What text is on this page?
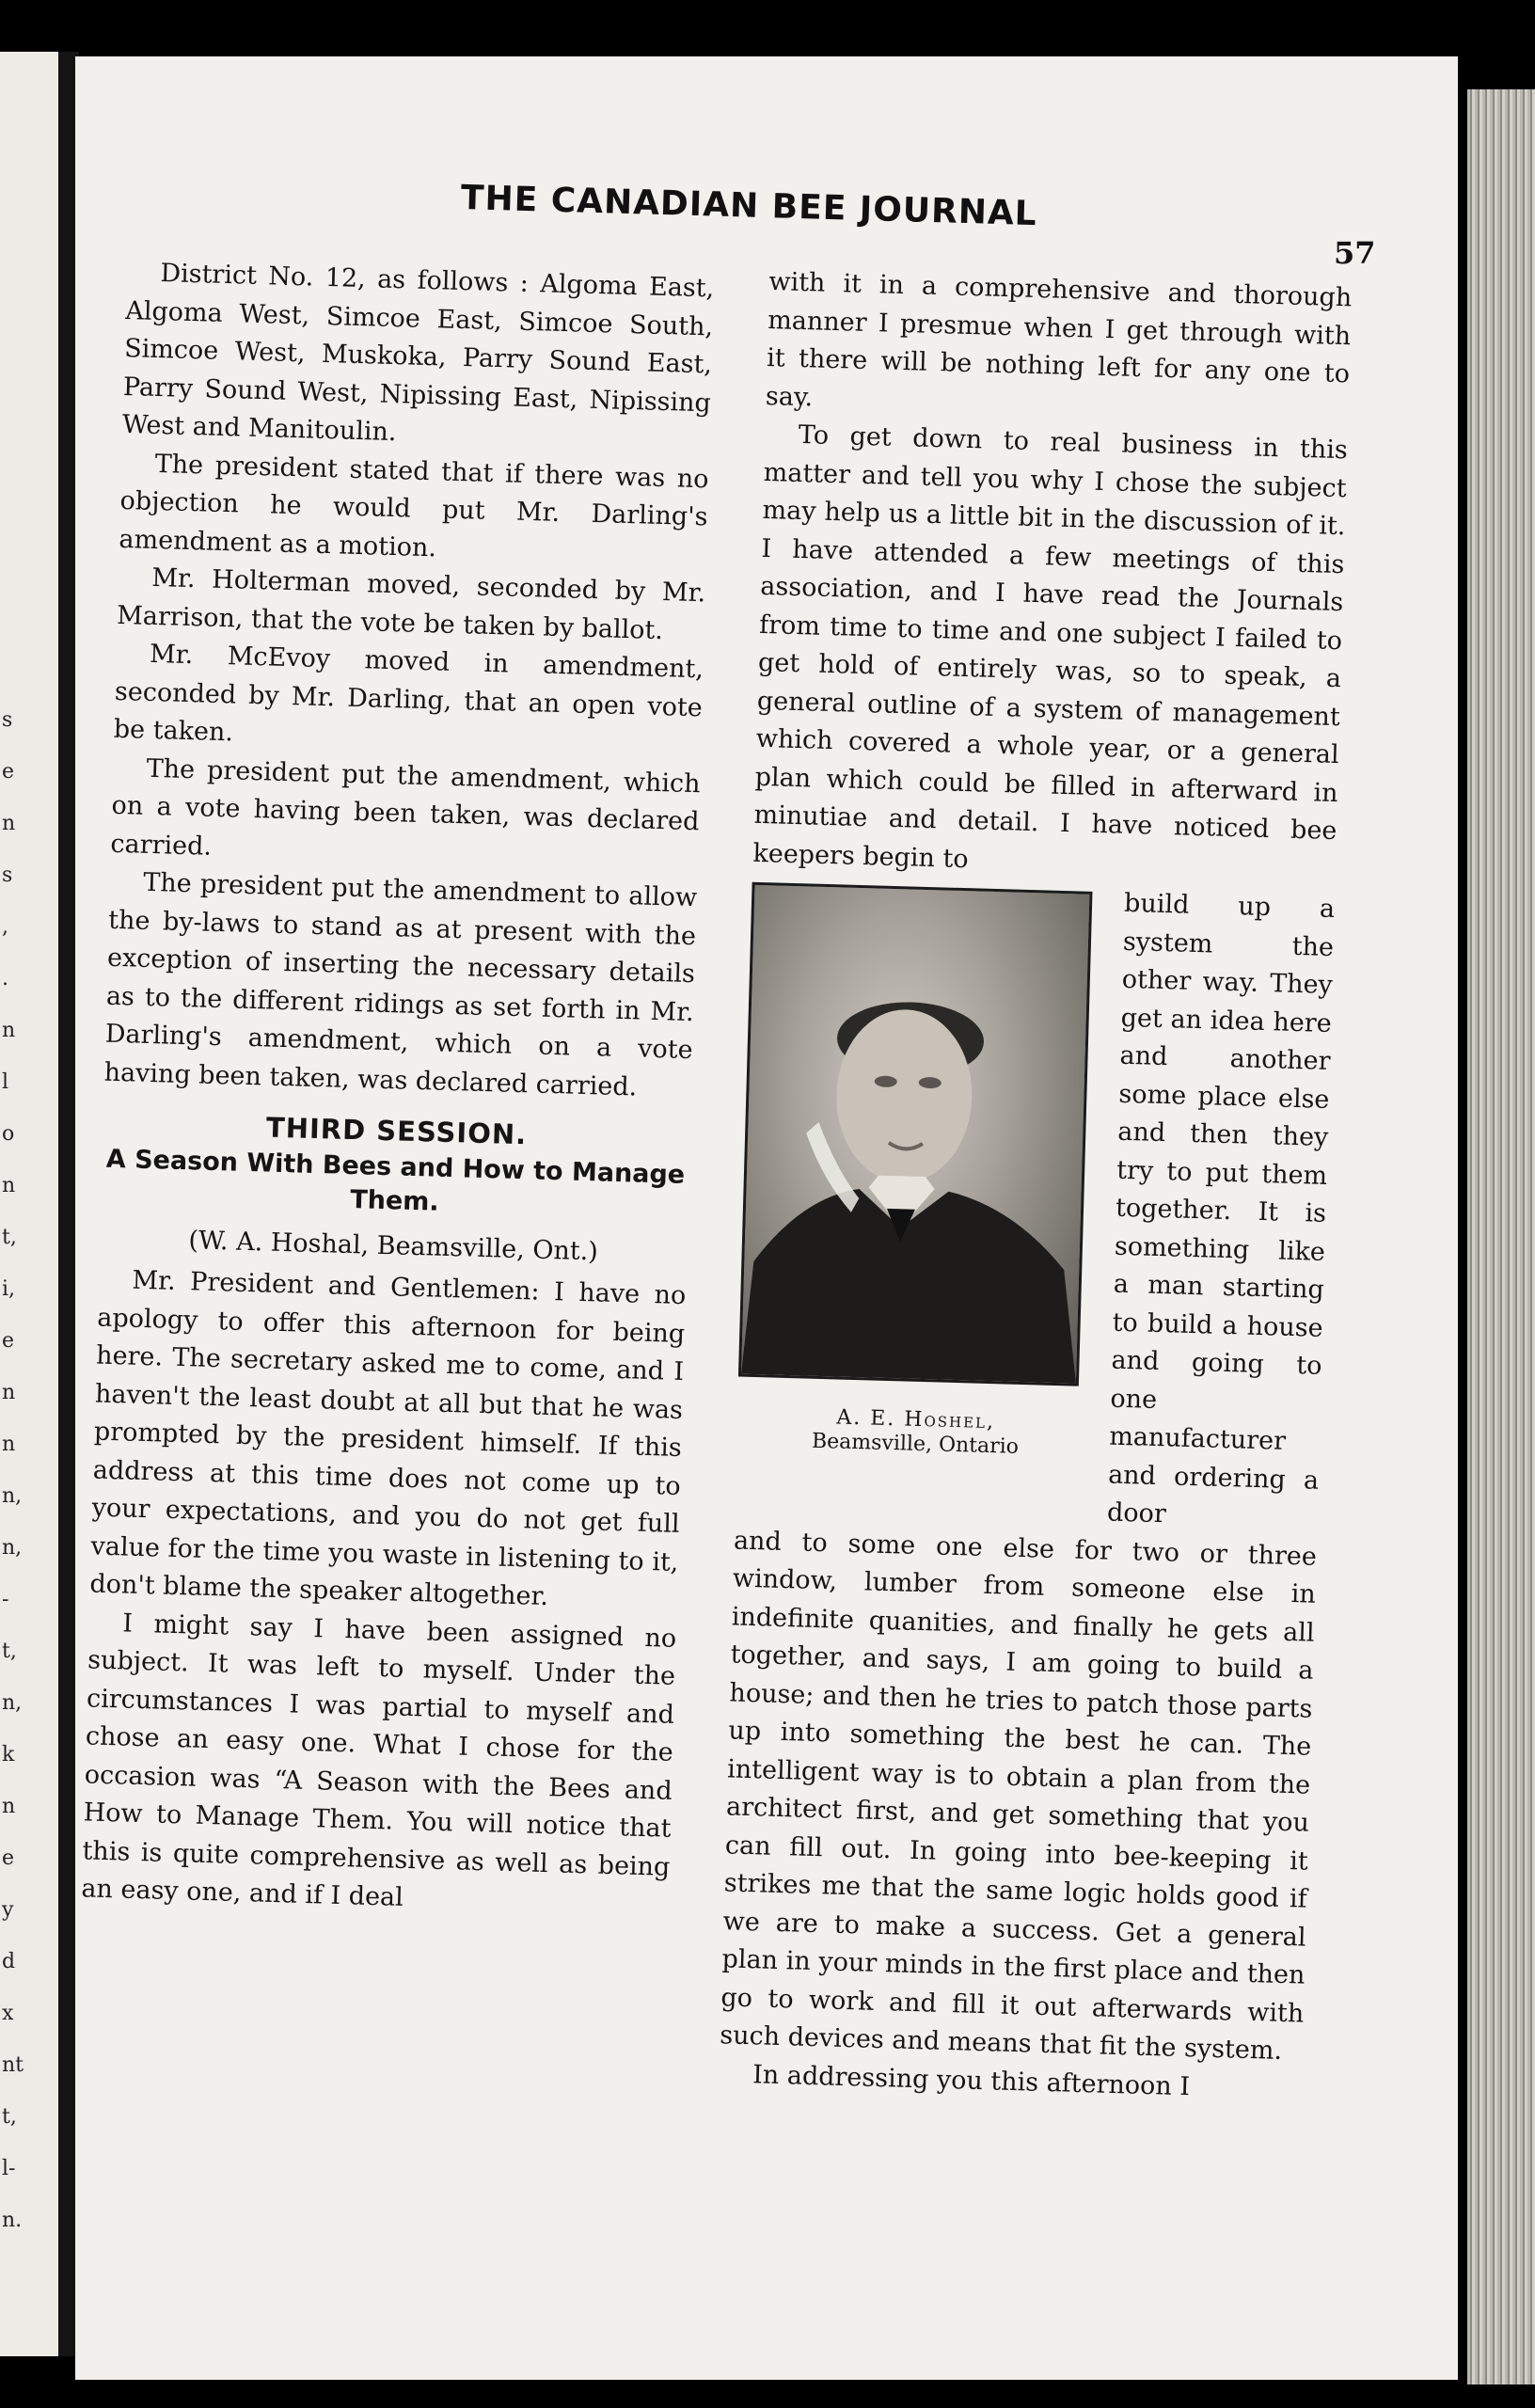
s
e
n
s
,
.
n
l
o
n
t,
i,
e
n
n
n,
n,
-
t,
n,
k
n
e
y
d
x
nt
t,
l-
n.
THE CANADIAN BEE JOURNAL
57

District No. 12, as follows : Algoma East, Algoma West, Simcoe East, Simcoe South, Simcoe West, Muskoka, Parry Sound East, Parry Sound West, Nipissing East, Nipissing West and Manitoulin.

The president stated that if there was no objection he would put Mr. Darling's amendment as a motion.

Mr. Holterman moved, seconded by Mr. Marrison, that the vote be taken by ballot.

Mr. McEvoy moved in amendment, seconded by Mr. Darling, that an open vote be taken.

The president put the amendment, which on a vote having been taken, was declared carried.

The president put the amendment to allow the by-laws to stand as at present with the exception of inserting the necessary details as to the different ridings as set forth in Mr. Darling's amendment, which on a vote having been taken, was declared carried.

THIRD SESSION.
A Season With Bees and How to Manage Them.
(W. A. Hoshal, Beamsville, Ont.)

Mr. President and Gentlemen: I have no apology to offer this afternoon for being here. The secretary asked me to come, and I haven't the least doubt at all but that he was prompted by the president himself. If this address at this time does not come up to your expectations, and you do not get full value for the time you waste in listening to it, don't blame the speaker altogether.

I might say I have been assigned no subject. It was left to myself. Under the circumstances I was partial to myself and chose an easy one. What I chose for the occasion was “A Season with the Bees and How to Manage Them. You will notice that this is quite comprehensive as well as being an easy one, and if I deal

with it in a comprehensive and thorough manner I presmue when I get through with it there will be nothing left for any one to say.

To get down to real business in this matter and tell you why I chose the subject may help us a little bit in the discussion of it. I have attended a few meetings of this association, and I have read the Journals from time to time and one subject I failed to get hold of entirely was, so to speak, a general outline of a system of management which covered a whole year, or a general plan which could be filled in afterward in minutiae and detail. I have noticed bee keepers begin to

A. E. Hoshel,
Beamsville, Ontario

build up a system the other way. They get an idea here and another some place else and then they try to put them together. It is something like a man starting to build a house and going to one manufacturer and ordering a door

and to some one else for two or three window, lumber from someone else in indefinite quanities, and finally he gets all together, and says, I am going to build a house; and then he tries to patch those parts up into something the best he can. The intelligent way is to obtain a plan from the architect first, and get something that you can fill out. In going into bee-keeping it strikes me that the same logic holds good if we are to make a success. Get a general plan in your minds in the first place and then go to work and fill it out afterwards with such devices and means that fit the system.

In addressing you this afternoon I
